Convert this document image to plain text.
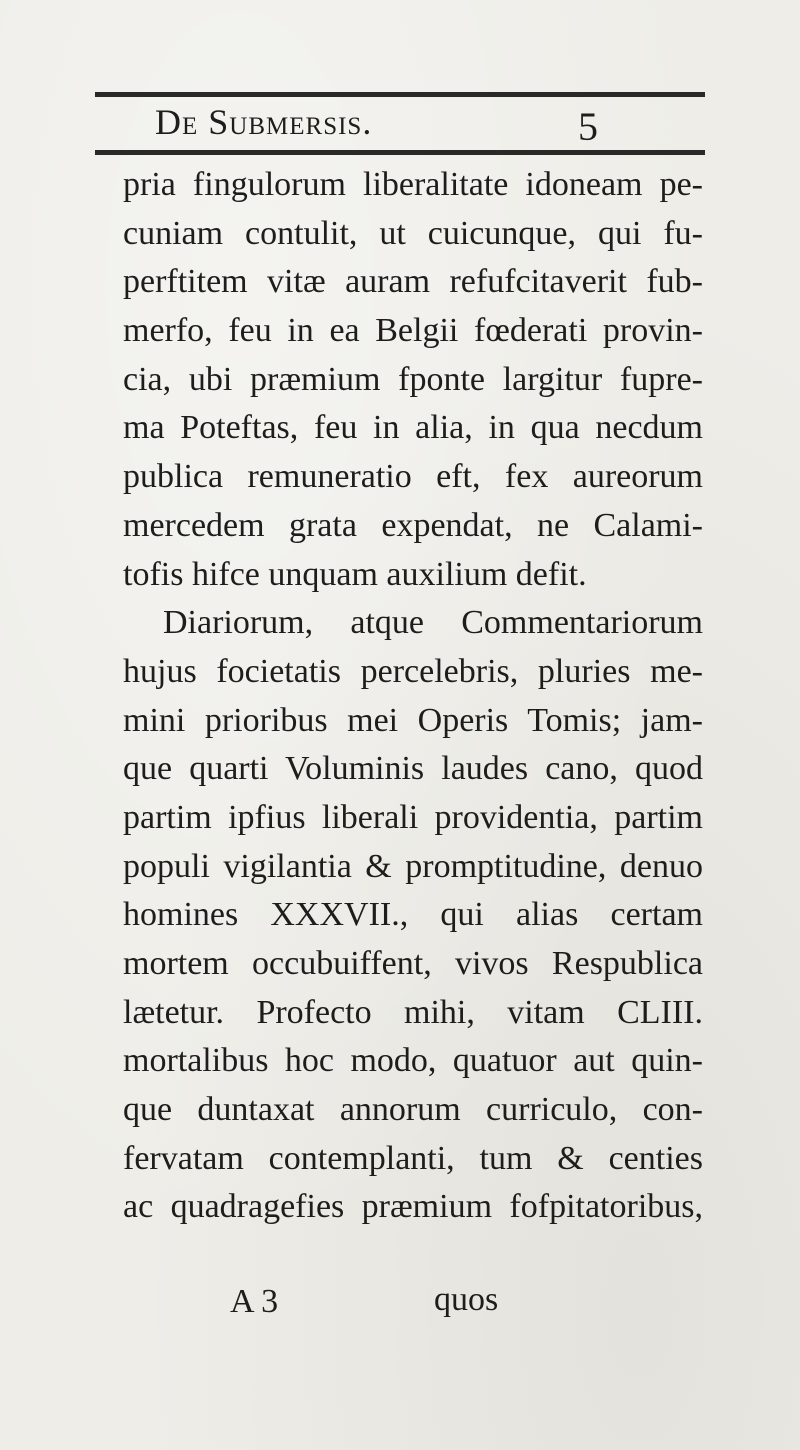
De Submersis.	5
pria fingulorum liberalitate idoneam pe-
cuniam contulit, ut cuicunque, qui fu-
perftitem vitæ auram refufcitaverit fub-
merfo, feu in ea Belgii fœderati provin-
cia, ubi præmium fponte largitur fupre-
ma Poteftas, feu in alia, in qua necdum
publica remuneratio eft, fex aureorum
mercedem grata expendat, ne Calami-
tofis hifce unquam auxilium defit.
Diariorum, atque Commentariorum
hujus focietatis percelebris, pluries me-
mini prioribus mei Operis Tomis; jam-
que quarti Voluminis laudes cano, quod
partim ipfius liberali providentia, partim
populi vigilantia & promptitudine, denuo
homines XXXVII., qui alias certam
mortem occubuiffent, vivos Respublica
lætetur. Profecto mihi, vitam CLIII.
mortalibus hoc modo, quatuor aut quin-
que duntaxat annorum curriculo, con-
fervatam contemplanti, tum & centies
ac quadragefies præmium fofpitatoribus,
A 3	quos
